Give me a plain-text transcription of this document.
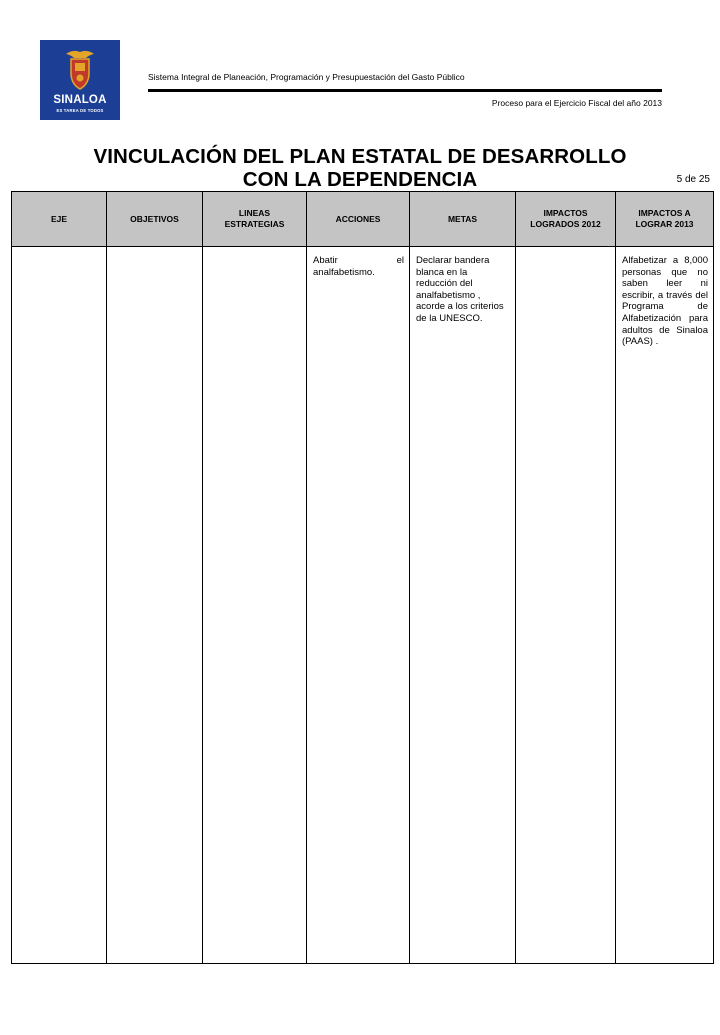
SINALOA
ES TAREA DE TODOS
Sistema Integral de Planeación, Programación y Presupuestación del Gasto Público
Proceso para el Ejercicio Fiscal del año 2013
VINCULACIÓN DEL PLAN ESTATAL DE DESARROLLO
CON LA DEPENDENCIA	5 de 25
EJE	OBJETIVOS	LINEAS ESTRATEGIAS	ACCIONES	METAS	IMPACTOS LOGRADOS 2012	IMPACTOS A LOGRAR 2013
			Abatir el analfabetismo.	Declarar bandera blanca en la reducción del analfabetismo , acorde a los criterios de la UNESCO.		Alfabetizar a 8,000 personas que no saben leer ni escribir, a través del Programa de Alfabetización para adultos de Sinaloa (PAAS) .
